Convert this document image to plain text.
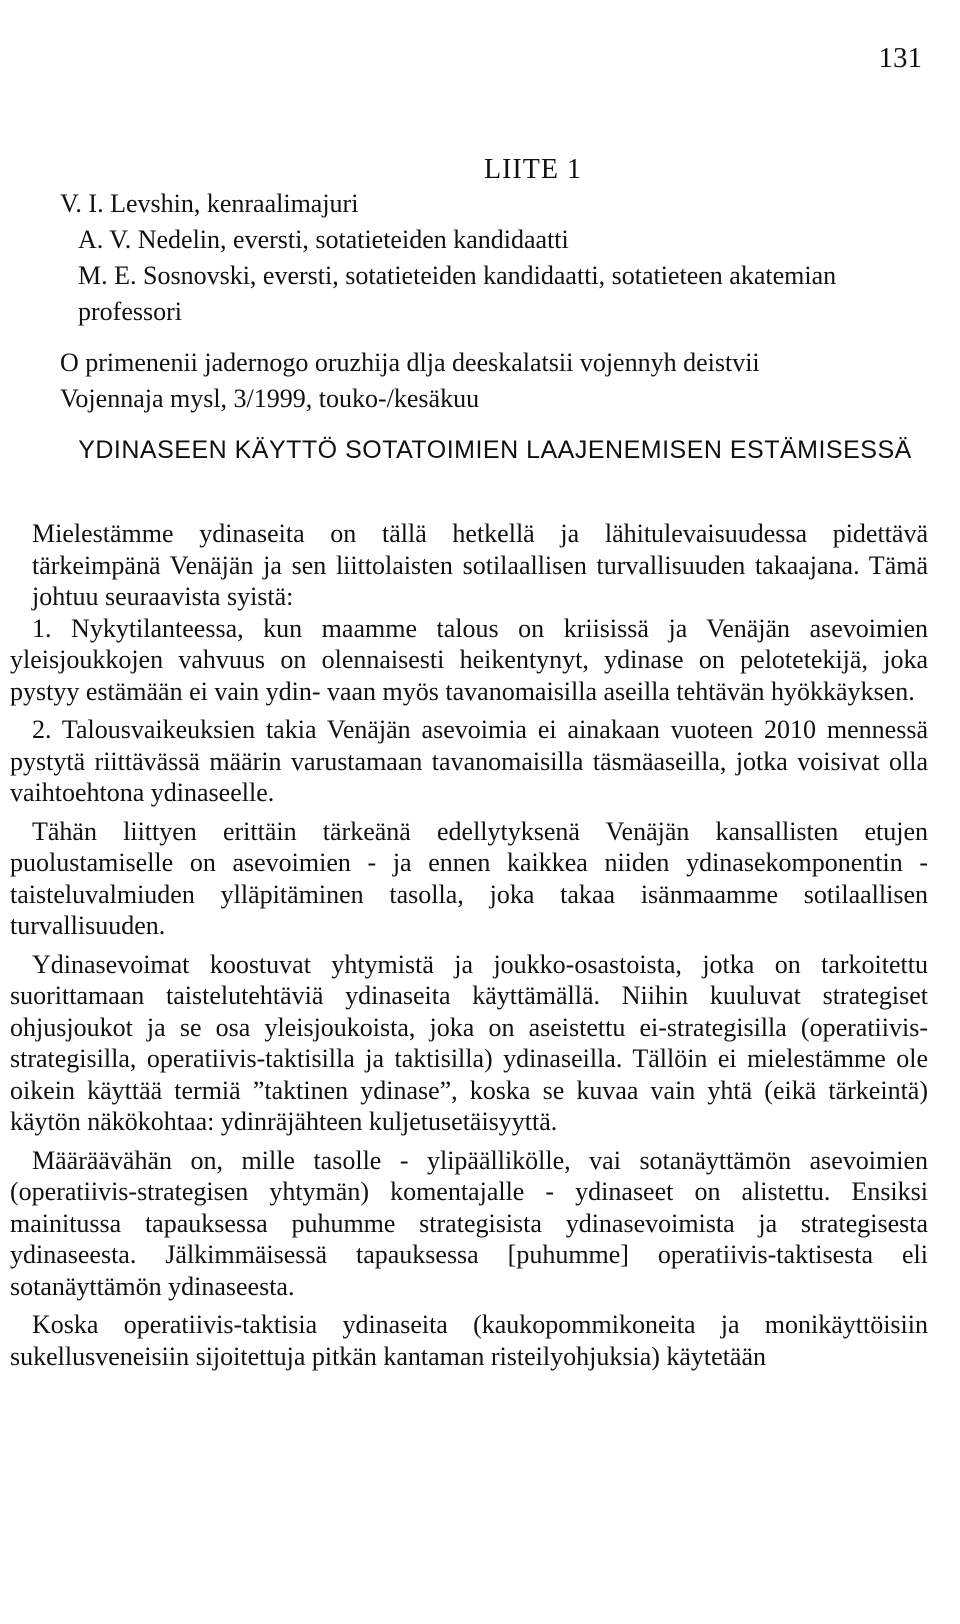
131
LIITE 1
V. I. Levshin, kenraalimajuri
A. V. Nedelin, eversti, sotatieteiden kandidaatti
M. E. Sosnovski, eversti, sotatieteiden kandidaatti, sotatieteen akatemian professori
O primenenii jadernogo oruzhija dlja deeskalatsii vojennyh deistvii
Vojennaja mysl, 3/1999, touko-/kesäkuu
YDINASEEN KÄYTTÖ SOTATOIMIEN LAAJENEMISEN ESTÄMISESSÄ

Mielestämme ydinaseita on tällä hetkellä ja lähitulevaisuudessa pidettävä tärkeimpänä Venäjän ja sen liittolaisten sotilaallisen turvallisuuden takaajana. Tämä johtuu seuraavista syistä:

1. Nykytilanteessa, kun maamme talous on kriisissä ja Venäjän asevoimien yleisjoukkojen vahvuus on olennaisesti heikentynyt, ydinase on pelotetekijä, joka pystyy estämään ei vain ydin- vaan myös tavanomaisilla aseilla tehtävän hyökkäyksen.

2. Talousvaikeuksien takia Venäjän asevoimia ei ainakaan vuoteen 2010 mennessä pystytä riittävässä määrin varustamaan tavanomaisilla täsmäaseilla, jotka voisivat olla vaihtoehtona ydinaseelle.

Tähän liittyen erittäin tärkeänä edellytyksenä Venäjän kansallisten etujen puolustamiselle on asevoimien - ja ennen kaikkea niiden ydinasekomponentin - taisteluvalmiuden ylläpitäminen tasolla, joka takaa isänmaamme sotilaallisen turvallisuuden.

Ydinasevoimat koostuvat yhtymistä ja joukko-osastoista, jotka on tarkoitettu suorittamaan taistelutehtäviä ydinaseita käyttämällä. Niihin kuuluvat strategiset ohjusjoukot ja se osa yleisjoukoista, joka on aseistettu ei-strategisilla (operatiivis-strategisilla, operatiivis-taktisilla ja taktisilla) ydinaseilla. Tällöin ei mielestämme ole oikein käyttää termiä ”taktinen ydinase”, koska se kuvaa vain yhtä (eikä tärkeintä) käytön näkökohtaa: ydinräjähteen kuljetusetäisyyttä.

Määräävähän on, mille tasolle - ylipäällikölle, vai sotanäyttämön asevoimien (operatiivis-strategisen yhtymän) komentajalle - ydinaseet on alistettu. Ensiksi mainitussa tapauksessa puhumme strategisista ydinasevoimista ja strategisesta ydinaseesta. Jälkimmäisessä tapauksessa [puhumme] operatiivis-taktisesta eli sotanäyttämön ydinaseesta.

Koska operatiivis-taktisia ydinaseita (kaukopommikoneita ja monikäyttöisiin sukellusveneisiin sijoitettuja pitkän kantaman risteilyohjuksia) käytetään
